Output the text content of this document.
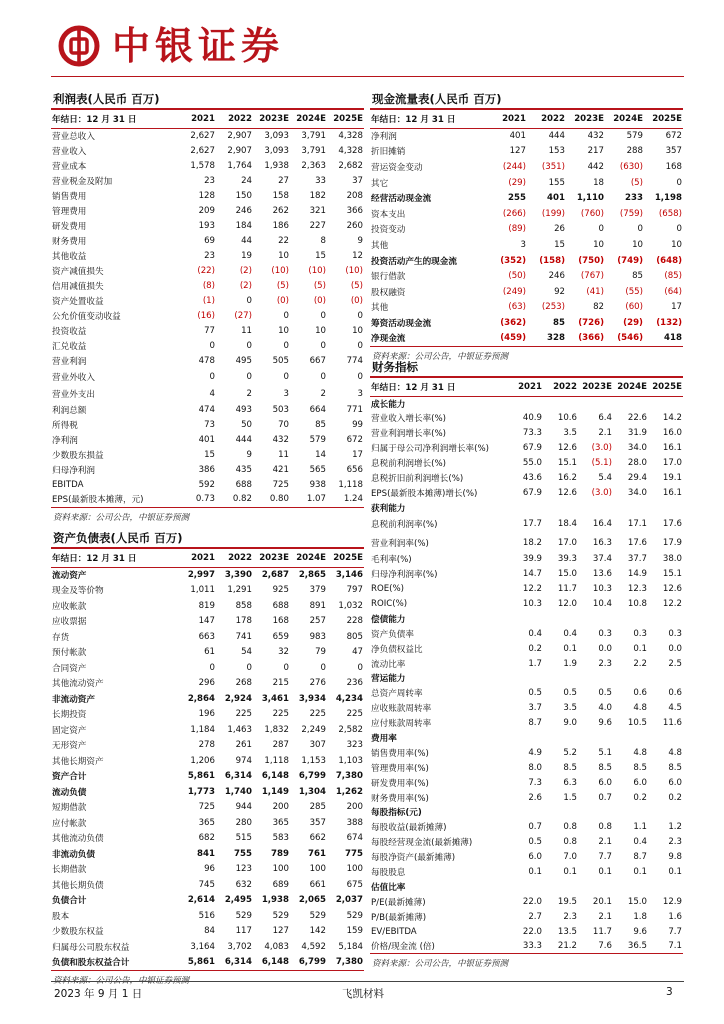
中银证券
利润表(人民币 百万)
年结日：12 月 31 日	2021	2022	2023E	2024E	2025E
营业总收入	2,627	2,907	3,093	3,791	4,328
营业收入	2,627	2,907	3,093	3,791	4,328
营业成本	1,578	1,764	1,938	2,363	2,682
营业税金及附加	23	24	27	33	37
销售费用	128	150	158	182	208
管理费用	209	246	262	321	366
研发费用	193	184	186	227	260
财务费用	69	44	22	8	9
其他收益	23	19	10	15	12
资产减值损失	(22)	(2)	(10)	(10)	(10)
信用减值损失	(8)	(2)	(5)	(5)	(5)
资产处置收益	(1)	0	(0)	(0)	(0)
公允价值变动收益	(16)	(27)	0	0	0
投资收益	77	11	10	10	10
汇兑收益	0	0	0	0	0
营业利润	478	495	505	667	774
营业外收入	0	0	0	0	0
营业外支出	4	2	3	2	3
利润总额	474	493	503	664	771
所得税	73	50	70	85	99
净利润	401	444	432	579	672
少数股东损益	15	9	11	14	17
归母净利润	386	435	421	565	656
EBITDA	592	688	725	938	1,118
EPS(最新股本摊薄，元)	0.73	0.82	0.80	1.07	1.24
资料来源：公司公告，中银证券预测
资产负债表(人民币 百万)
年结日：12 月 31 日	2021	2022	2023E	2024E	2025E
流动资产	2,997	3,390	2,687	2,865	3,146
现金及等价物	1,011	1,291	925	379	797
应收帐款	819	858	688	891	1,032
应收票据	147	178	168	257	228
存货	663	741	659	983	805
预付帐款	61	54	32	79	47
合同资产	0	0	0	0	0
其他流动资产	296	268	215	276	236
非流动资产	2,864	2,924	3,461	3,934	4,234
长期投资	196	225	225	225	225
固定资产	1,184	1,463	1,832	2,249	2,582
无形资产	278	261	287	307	323
其他长期资产	1,206	974	1,118	1,153	1,103
资产合计	5,861	6,314	6,148	6,799	7,380
流动负债	1,773	1,740	1,149	1,304	1,262
短期借款	725	944	200	285	200
应付帐款	365	280	365	357	388
其他流动负债	682	515	583	662	674
非流动负债	841	755	789	761	775
长期借款	96	123	100	100	100
其他长期负债	745	632	689	661	675
负债合计	2,614	2,495	1,938	2,065	2,037
股本	516	529	529	529	529
少数股东权益	84	117	127	142	159
归属母公司股东权益	3,164	3,702	4,083	4,592	5,184
负债和股东权益合计	5,861	6,314	6,148	6,799	7,380
资料来源：公司公告，中银证券预测
现金流量表(人民币 百万)
年结日：12 月 31 日	2021	2022	2023E	2024E	2025E
净利润	401	444	432	579	672
折旧摊销	127	153	217	288	357
营运资金变动	(244)	(351)	442	(630)	168
其它	(29)	155	18	(5)	0
经营活动现金流	255	401	1,110	233	1,198
资本支出	(266)	(199)	(760)	(759)	(658)
投资变动	(89)	26	0	0	0
其他	3	15	10	10	10
投资活动产生的现金流	(352)	(158)	(750)	(749)	(648)
银行借款	(50)	246	(767)	85	(85)
股权融资	(249)	92	(41)	(55)	(64)
其他	(63)	(253)	82	(60)	17
筹资活动现金流	(362)	85	(726)	(29)	(132)
净现金流	(459)	328	(366)	(546)	418
资料来源：公司公告，中银证券预测
财务指标
年结日：12 月 31 日	2021	2022	2023E	2024E	2025E
成长能力					
营业收入增长率(%)	40.9	10.6	6.4	22.6	14.2
营业利润增长率(%)	73.3	3.5	2.1	31.9	16.0
归属于母公司净利润增长率(%)	67.9	12.6	(3.0)	34.0	16.1
息税前利润增长(%)	55.0	15.1	(5.1)	28.0	17.0
息税折旧前利润增长(%)	43.6	16.2	5.4	29.4	19.1
EPS(最新股本摊薄)增长(%)	67.9	12.6	(3.0)	34.0	16.1
获利能力					
息税前利润率(%)	17.7	18.4	16.4	17.1	17.6
营业利润率(%)	18.2	17.0	16.3	17.6	17.9
毛利率(%)	39.9	39.3	37.4	37.7	38.0
归母净利润率(%)	14.7	15.0	13.6	14.9	15.1
ROE(%)	12.2	11.7	10.3	12.3	12.6
ROIC(%)	10.3	12.0	10.4	10.8	12.2
偿债能力					
资产负债率	0.4	0.4	0.3	0.3	0.3
净负债权益比	0.2	0.1	0.0	0.1	0.0
流动比率	1.7	1.9	2.3	2.2	2.5
营运能力					
总资产周转率	0.5	0.5	0.5	0.6	0.6
应收账款周转率	3.7	3.5	4.0	4.8	4.5
应付账款周转率	8.7	9.0	9.6	10.5	11.6
费用率					
销售费用率(%)	4.9	5.2	5.1	4.8	4.8
管理费用率(%)	8.0	8.5	8.5	8.5	8.5
研发费用率(%)	7.3	6.3	6.0	6.0	6.0
财务费用率(%)	2.6	1.5	0.7	0.2	0.2
每股指标(元)					
每股收益(最新摊薄)	0.7	0.8	0.8	1.1	1.2
每股经营现金流(最新摊薄)	0.5	0.8	2.1	0.4	2.3
每股净资产(最新摊薄)	6.0	7.0	7.7	8.7	9.8
每股股息	0.1	0.1	0.1	0.1	0.1
估值比率					
P/E(最新摊薄)	22.0	19.5	20.1	15.0	12.9
P/B(最新摊薄)	2.7	2.3	2.1	1.8	1.6
EV/EBITDA	22.0	13.5	11.7	9.6	7.7
价格/现金流 (倍)	33.3	21.2	7.6	36.5	7.1
资料来源：公司公告，中银证券预测
2023 年 9 月 1 日	飞凯材料	3
